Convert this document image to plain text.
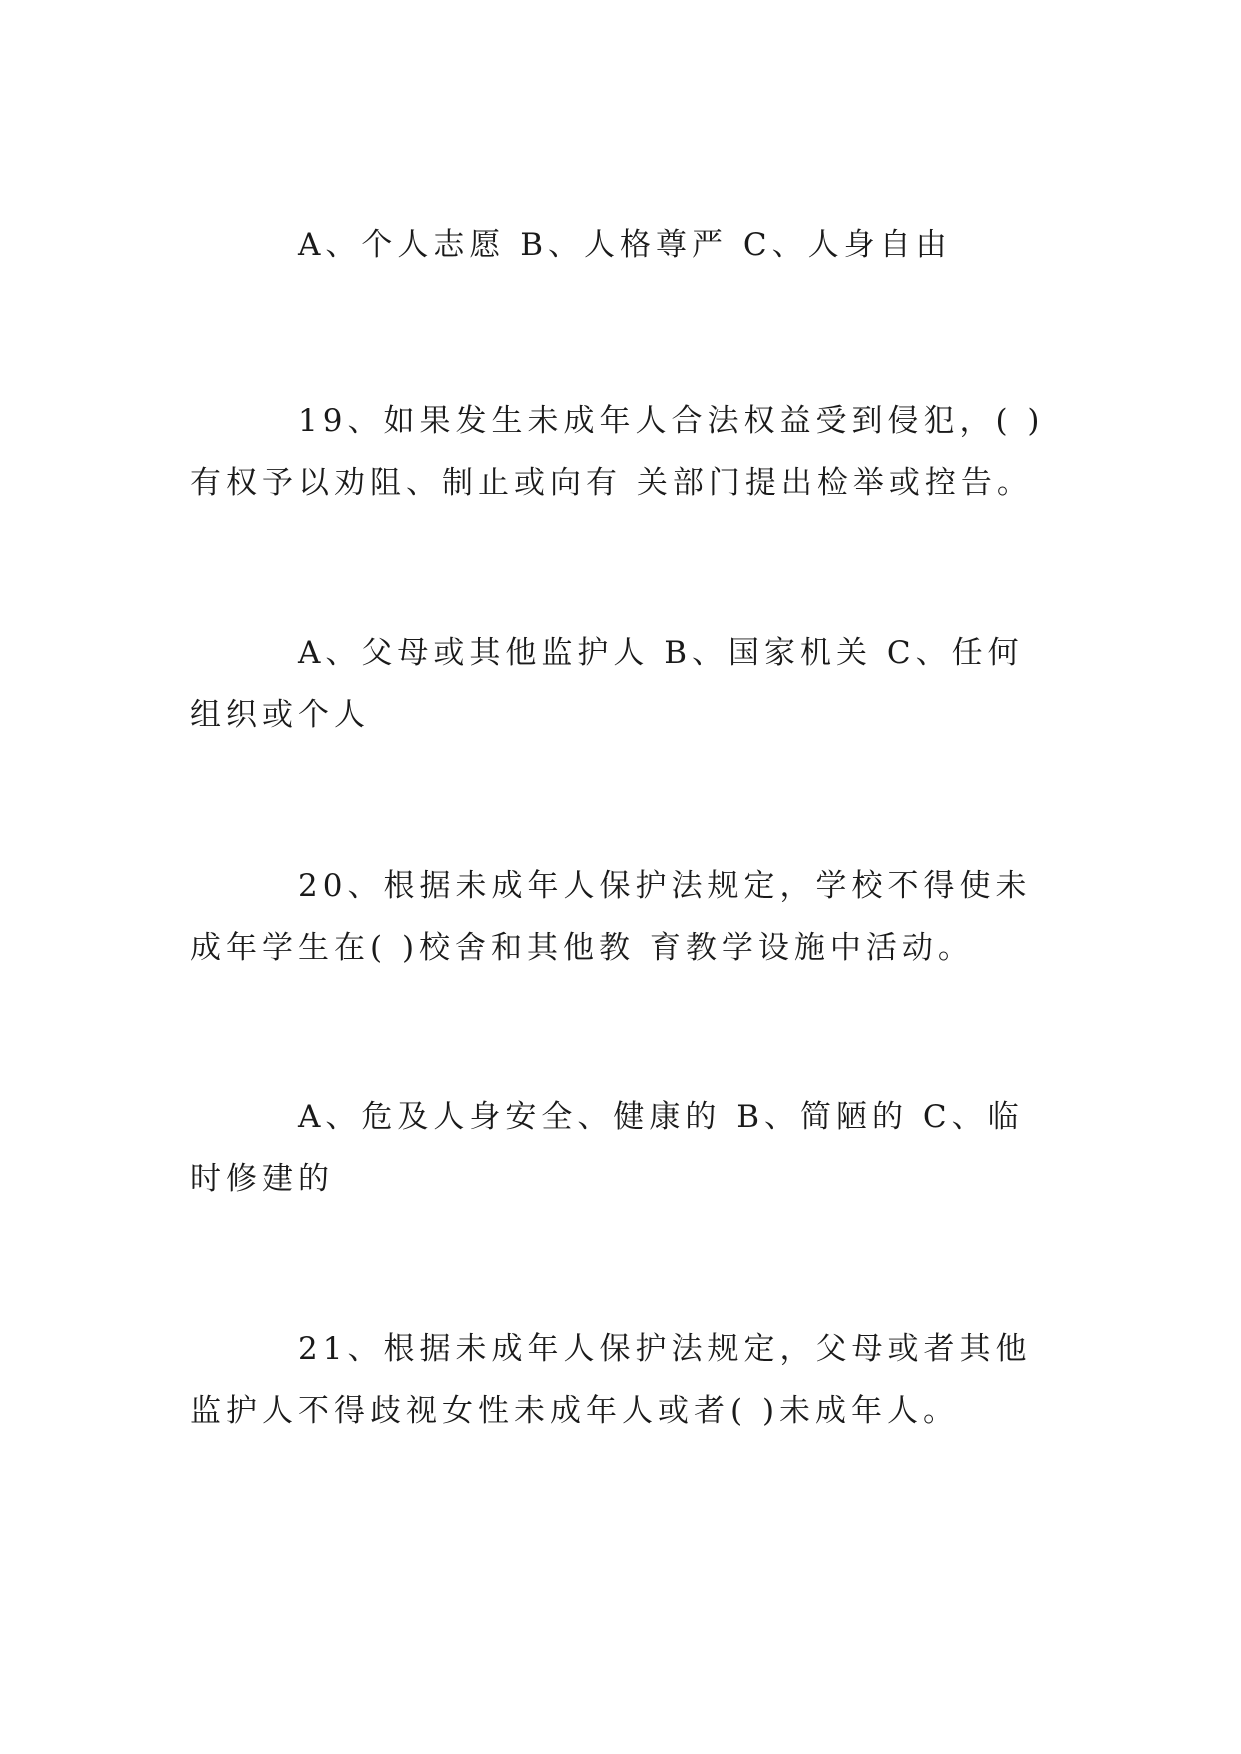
A、个人志愿 B、人格尊严 C、人身自由

19、如果发生未成年人合法权益受到侵犯，( )有权予以劝阻、制止或向有 关部门提出检举或控告。

A、父母或其他监护人 B、国家机关 C、任何组织或个人

20、根据未成年人保护法规定，学校不得使未成年学生在( )校舍和其他教 育教学设施中活动。

A、危及人身安全、健康的 B、简陋的 C、临时修建的

21、根据未成年人保护法规定，父母或者其他监护人不得歧视女性未成年人或者( )未成年人。
